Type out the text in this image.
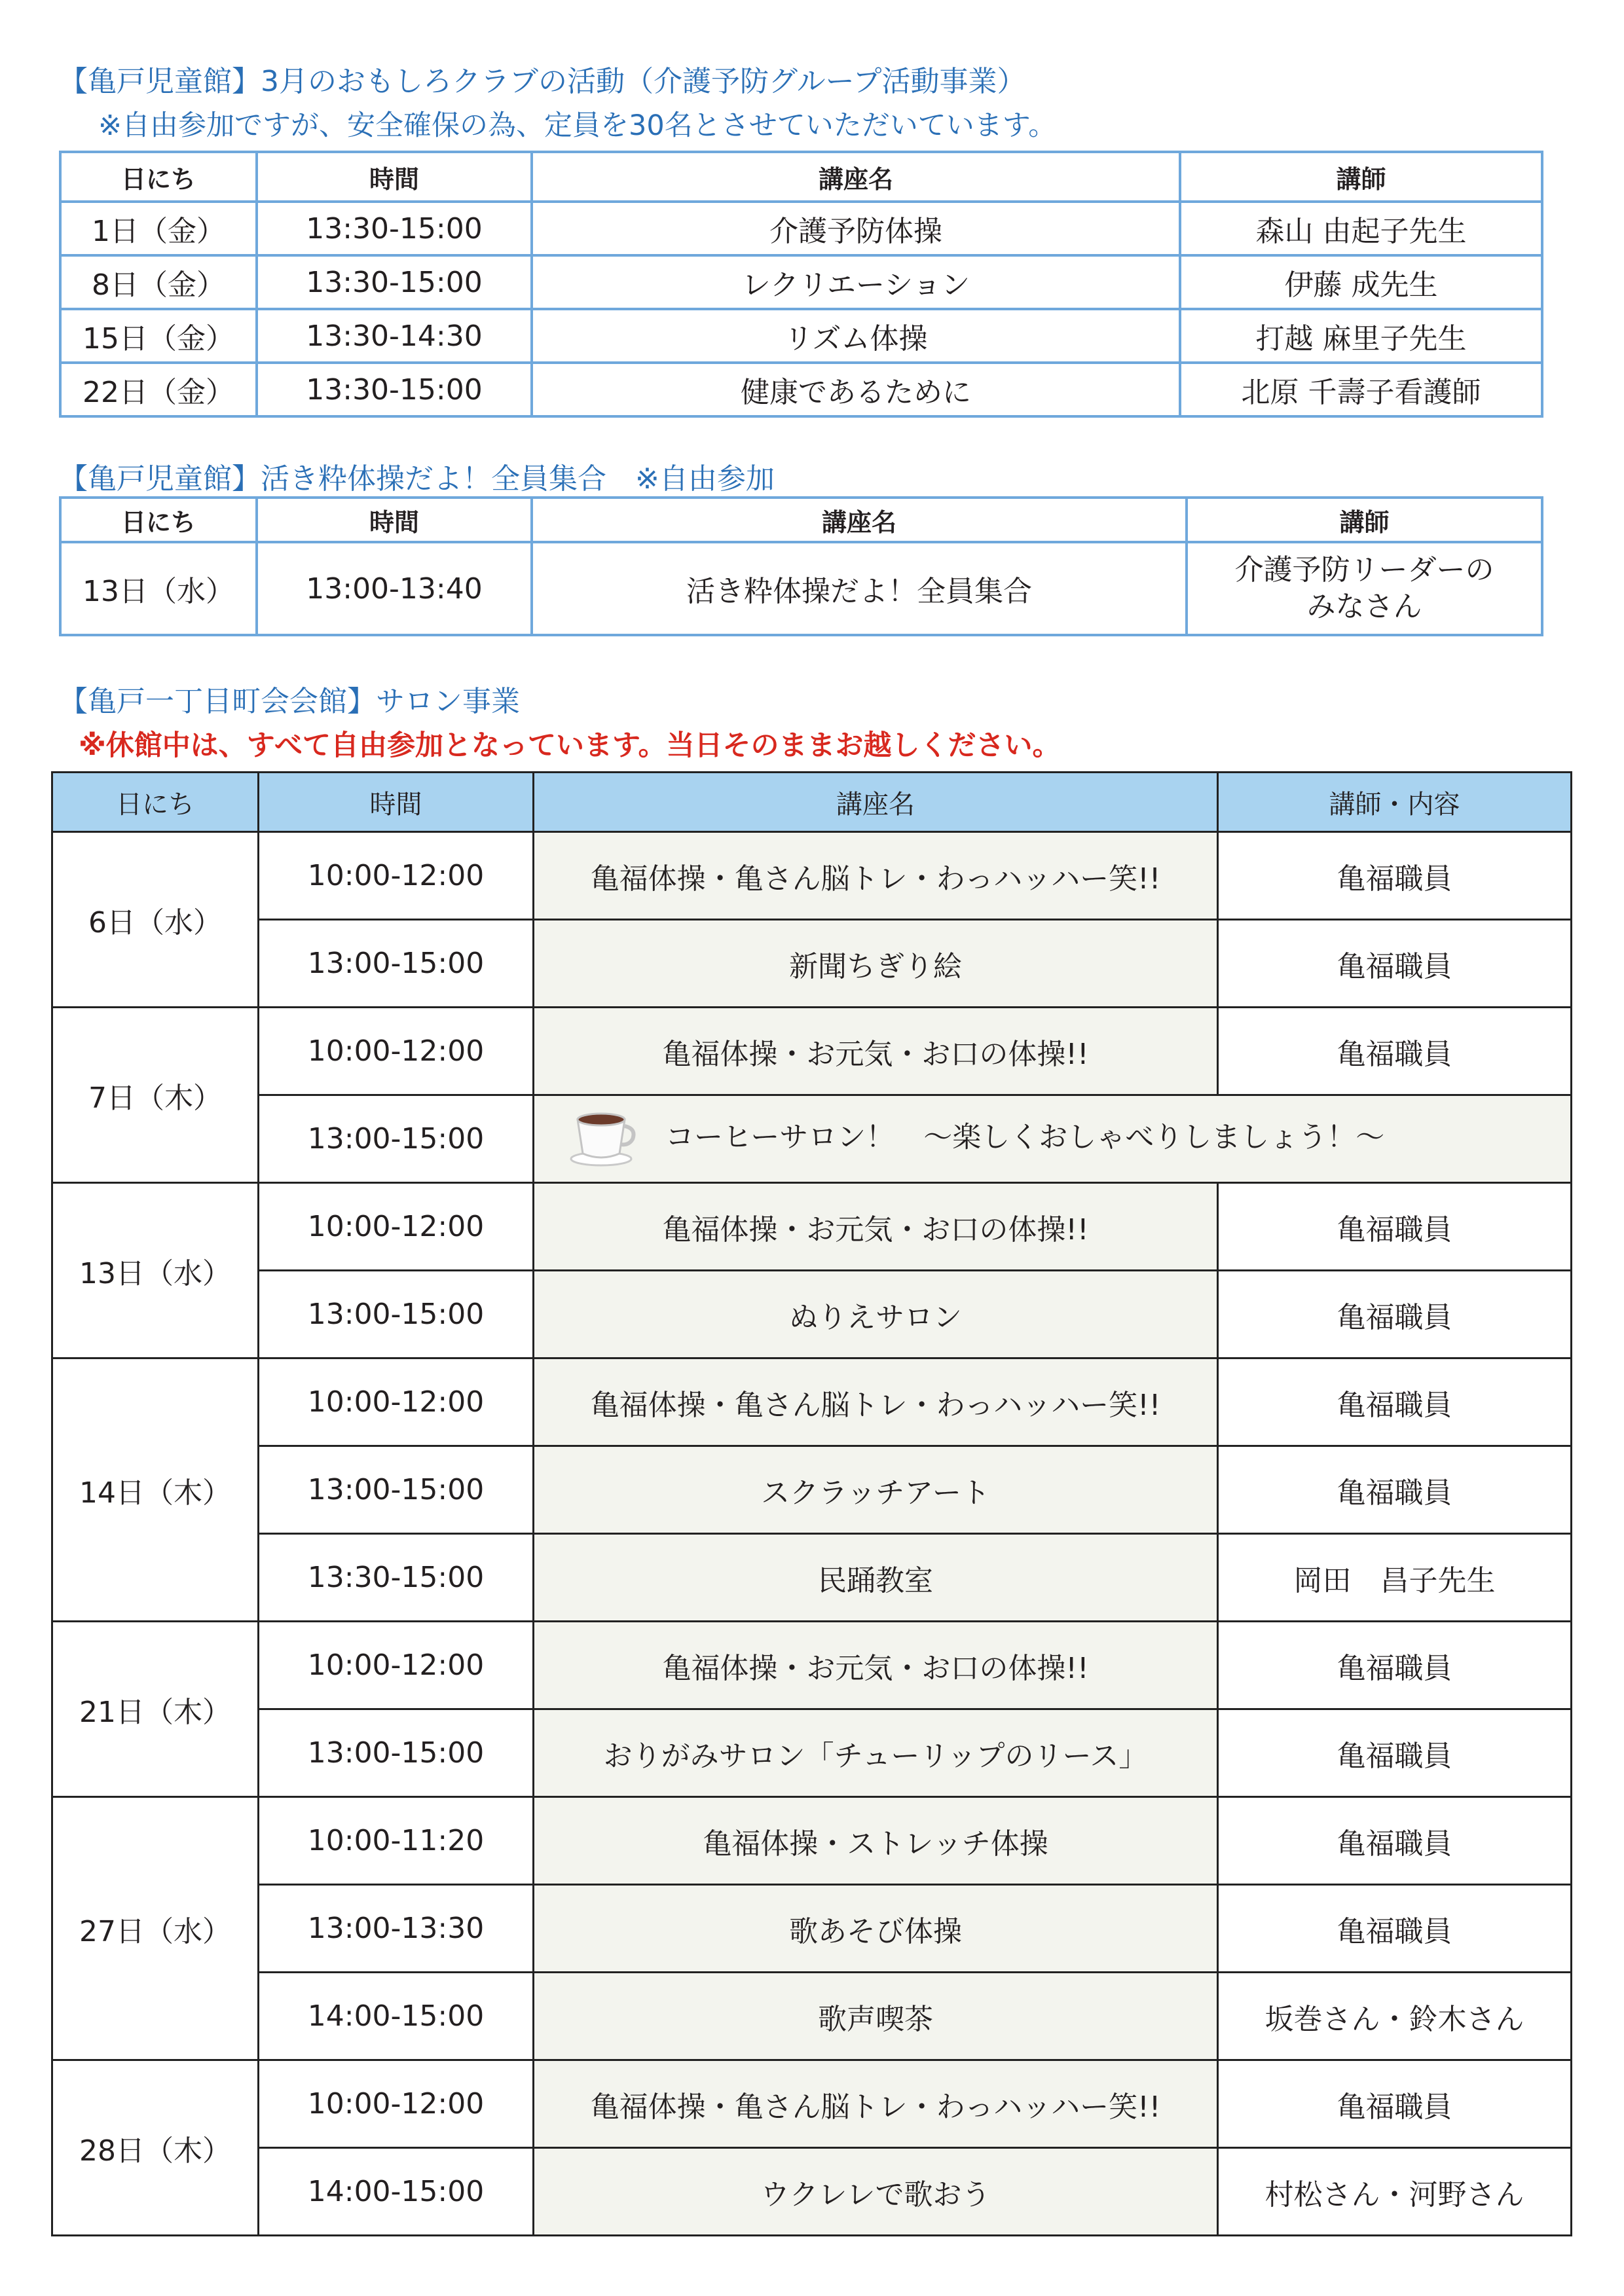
【亀戸児童館】3月のおもしろクラブの活動（介護予防グループ活動事業）
※自由参加ですが、安全確保の為、定員を30名とさせていただいています。
日にち	時間	講座名	講師
1日（金）	13:30-15:00	介護予防体操	森山 由起子先生
8日（金）	13:30-15:00	レクリエーション	伊藤 成先生
15日（金）	13:30-14:30	リズム体操	打越 麻里子先生
22日（金）	13:30-15:00	健康であるために	北原 千壽子看護師
【亀戸児童館】活き粋体操だよ！全員集合　※自由参加
日にち	時間	講座名	講師
13日（水）	13:00-13:40	活き粋体操だよ！全員集合	介護予防リーダーの
みなさん
【亀戸一丁目町会会館】サロン事業
※休館中は、すべて自由参加となっています。当日そのままお越しください。
日にち	時間	講座名	講師・内容
6日（水）	10:00-12:00	亀福体操・亀さん脳トレ・わっハッハー笑!!	亀福職員
	13:00-15:00	新聞ちぎり絵	亀福職員
7日（木）	10:00-12:00	亀福体操・お元気・お口の体操!!	亀福職員
	13:00-15:00	コーヒーサロン！　～楽しくおしゃべりしましょう！～	
13日（水）	10:00-12:00	亀福体操・お元気・お口の体操!!	亀福職員
	13:00-15:00	ぬりえサロン	亀福職員
14日（木）	10:00-12:00	亀福体操・亀さん脳トレ・わっハッハー笑!!	亀福職員
	13:00-15:00	スクラッチアート	亀福職員
	13:30-15:00	民踊教室	岡田　昌子先生
21日（木）	10:00-12:00	亀福体操・お元気・お口の体操!!	亀福職員
	13:00-15:00	おりがみサロン「チューリップのリース」	亀福職員
27日（水）	10:00-11:20	亀福体操・ストレッチ体操	亀福職員
	13:00-13:30	歌あそび体操	亀福職員
	14:00-15:00	歌声喫茶	坂巻さん・鈴木さん
28日（木）	10:00-12:00	亀福体操・亀さん脳トレ・わっハッハー笑!!	亀福職員
	14:00-15:00	ウクレレで歌おう	村松さん・河野さん
